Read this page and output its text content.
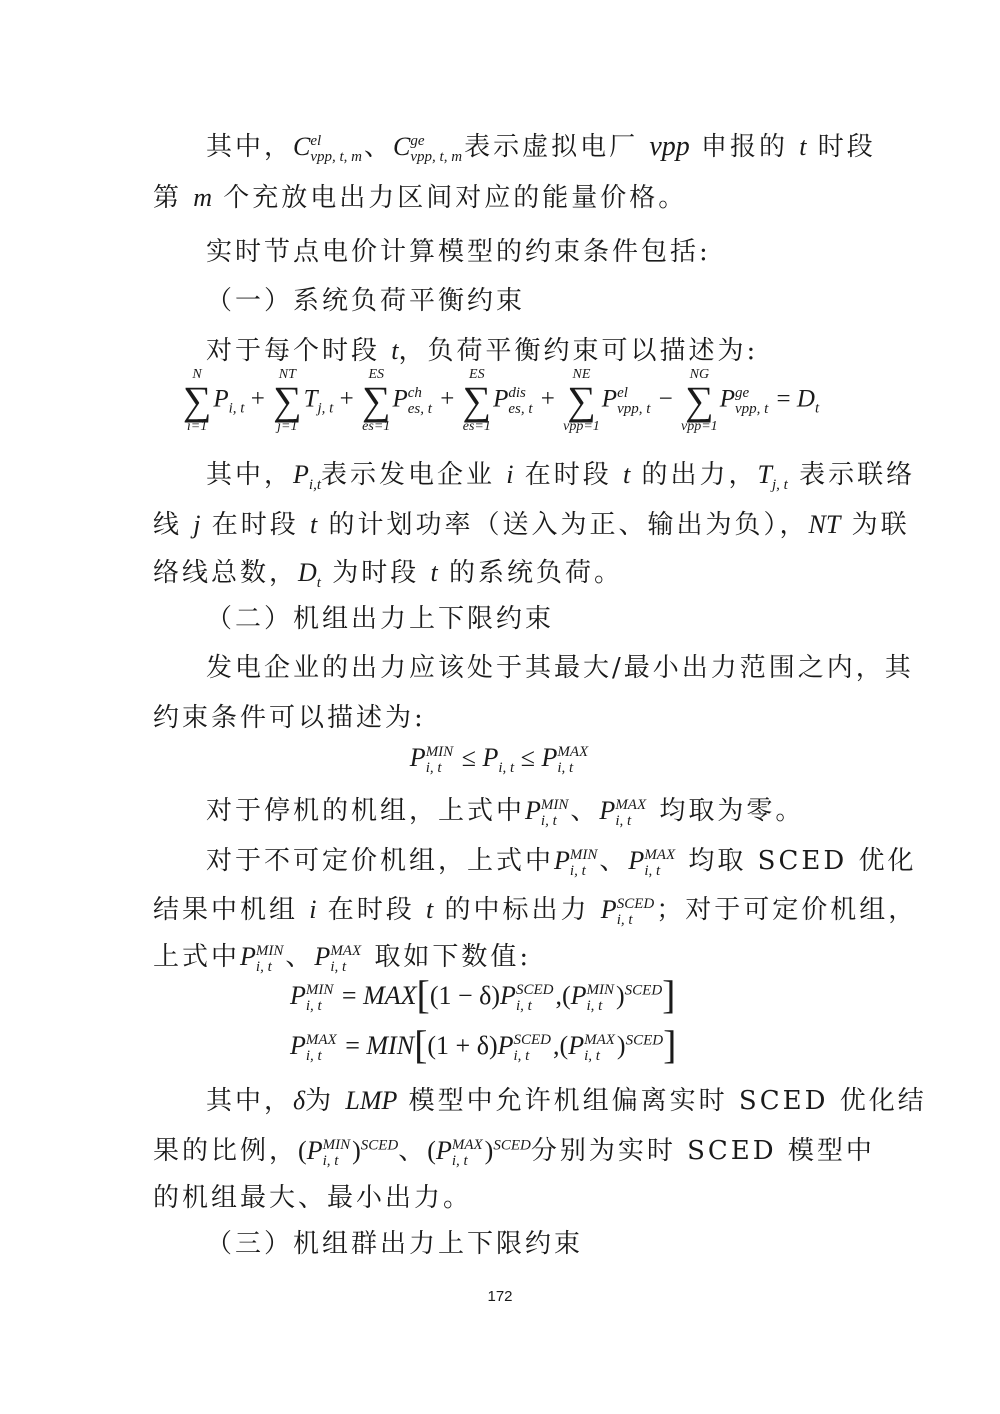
其中，C el
vpp, t, m 、C ge
vpp, t, m 表示虚拟电厂 vpp 申报的 t 时段
第 m 个充放电出力区间对应的能量价格。
实时节点电价计算模型的约束条件包括:
（一）系统负荷平衡约束
对于每个时段 t，负荷平衡约束可以描述为:
N
∑
i=1
$P_{i, t}$ +
NT
∑
j=1
$T_{j, t}$ +
ES
∑
es=1
P ch
es, t +
ES
∑
es=1
P dis
es, t +
NE
∑
vpp=1
P el
vpp, t −
NG
∑
vpp=1
P ge
vpp, $t = D_t$
其中，$P_{i,t}$表示发电企业 i 在时段 t 的出力，$T_{j, t}$ 表示联络
线 j 在时段 t 的计划功率（送入为正、输出为负），NT 为联
络线总数，$D_t$ 为时段 t 的系统负荷。
（二）机组出力上下限约束
发电企业的出力应该处于其最大/最小出力范围之内，其
约束条件可以描述为:
P MIN
i, $t \le P_{i, t} \le P$ MAX
i, t
对于停机的机组，上式中P MIN
i, t 、P MAX
i, t 均取为零。
对于不可定价机组，上式中P MIN
i, t 、P MAX
i, t 均取 SCED 优化
结果中机组 i 在时段 t 的中标出力 P SCED
i, t ；对于可定价机组，
上式中P MIN
i, t 、P MAX
i, t 取如下数值:
P MIN
i, t = MAX[(1 − δ)P SCED
i, t ,(P MIN
i, t )$^{SCED}$]
P MAX
i, t = MIN[(1 + δ)P SCED
i, t ,(P MAX
i, t )$^{SCED}$]
其中，δ为 LMP 模型中允许机组偏离实时 SCED 优化结
果的比例，(P MIN
i, t )$^{SCED}$、(P MAX
i, t )$^{SCED}$分别为实时 SCED 模型中
的机组最大、最小出力。
（三）机组群出力上下限约束
172
